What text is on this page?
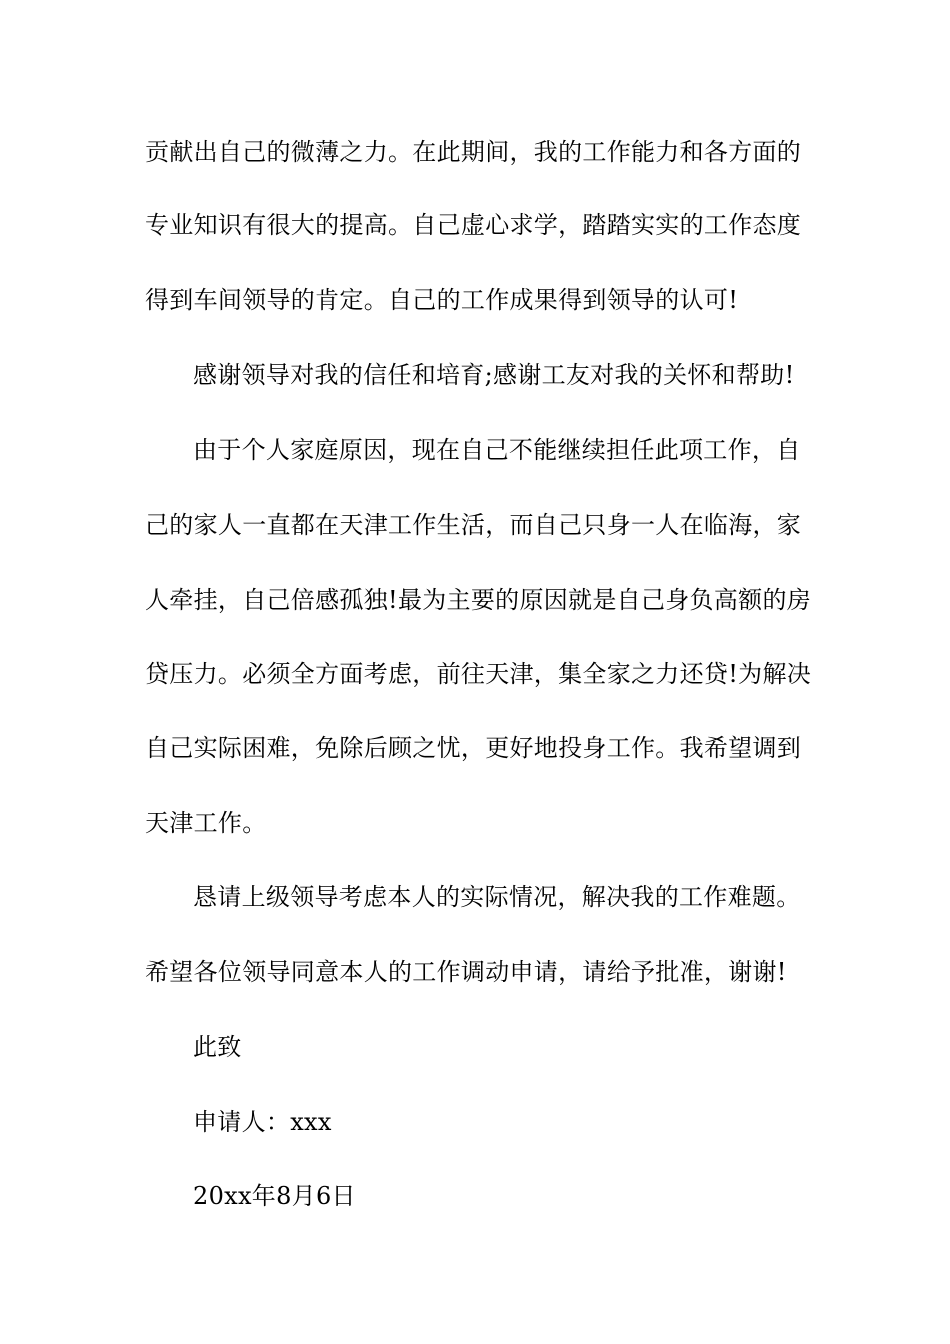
贡献出自己的微薄之力。在此期间，我的工作能力和各方面的
专业知识有很大的提高。自己虚心求学，踏踏实实的工作态度
得到车间领导的肯定。自己的工作成果得到领导的认可!
感谢领导对我的信任和培育;感谢工友对我的关怀和帮助!
由于个人家庭原因，现在自己不能继续担任此项工作，自
己的家人一直都在天津工作生活，而自己只身一人在临海，家
人牵挂，自己倍感孤独!最为主要的原因就是自己身负高额的房
贷压力。必须全方面考虑，前往天津，集全家之力还贷!为解决
自己实际困难，免除后顾之忧，更好地投身工作。我希望调到
天津工作。
恳请上级领导考虑本人的实际情况，解决我的工作难题。
希望各位领导同意本人的工作调动申请，请给予批准，谢谢!
此致
申请人：xxx
20xx年8月6日
